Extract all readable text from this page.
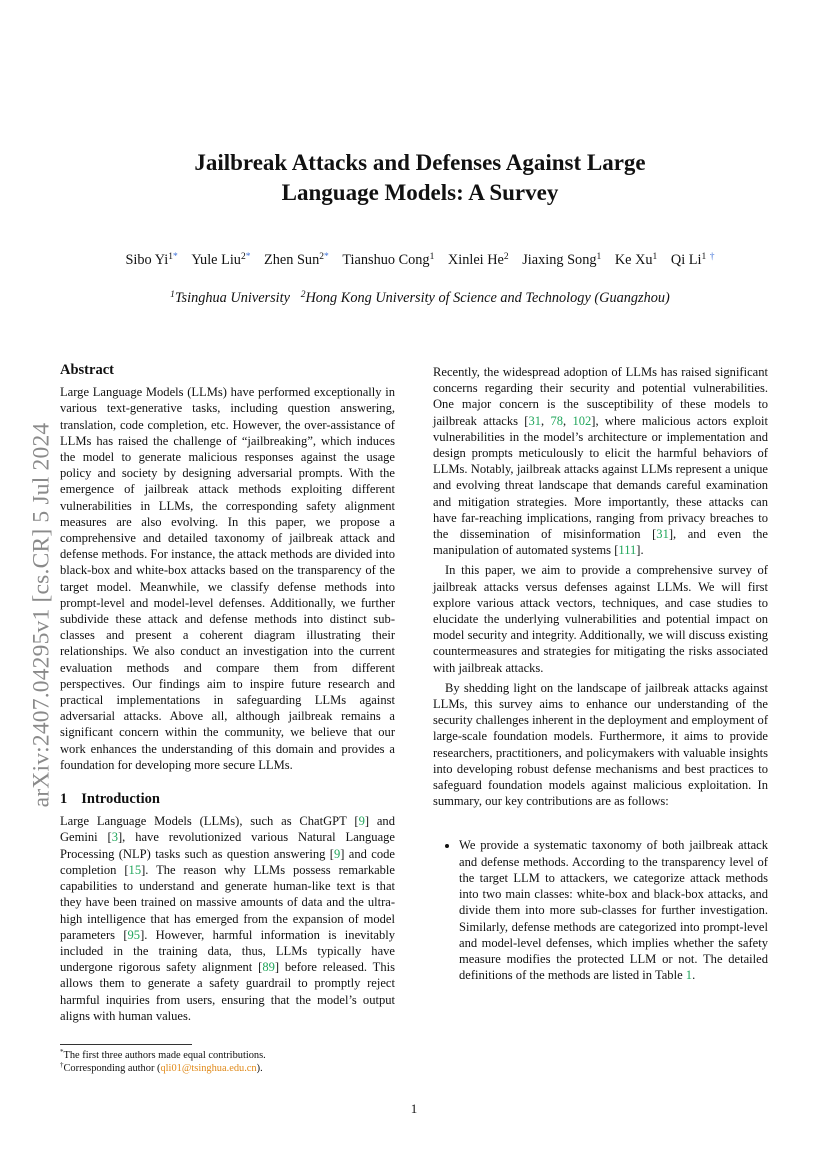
arXiv:2407.04295v1 [cs.CR] 5 Jul 2024
Jailbreak Attacks and Defenses Against Large
Language Models: A Survey
Sibo $Yi^{1*}$ Yule Liu$^{2*}$ Zhen Sun$^{2*}$ Tianshuo Cong$^1$ Xinlei He$^2$ Jiaxing Song$^1$ Ke Xu$^1$ Qi Li$^1$ †
$^1$Tsinghua University $^2$Hong Kong University of Science and Technology (Guangzhou)
Abstract

Large Language Models (LLMs) have performed exceptionally in various text-generative tasks, including question answering, translation, code completion, etc. However, the over-assistance of LLMs has raised the challenge of “jailbreaking”, which induces the model to generate malicious responses against the usage policy and society by designing adversarial prompts. With the emergence of jailbreak attack methods exploiting different vulnerabilities in LLMs, the corresponding safety alignment measures are also evolving. In this paper, we propose a comprehensive and detailed taxonomy of jailbreak attack and defense methods. For instance, the attack methods are divided into black-box and white-box attacks based on the transparency of the target model. Meanwhile, we classify defense methods into prompt-level and model-level defenses. Additionally, we further subdivide these attack and defense methods into distinct sub-classes and present a coherent diagram illustrating their relationships. We also conduct an investigation into the current evaluation methods and compare them from different perspectives. Our findings aim to inspire future research and practical implementations in safeguarding LLMs against adversarial attacks. Above all, although jailbreak remains a significant concern within the community, we believe that our work enhances the understanding of this domain and provides a foundation for developing more secure LLMs.

1 Introduction

Large Language Models (LLMs), such as ChatGPT [9] and Gemini [3], have revolutionized various Natural Language Processing (NLP) tasks such as question answering [9] and code completion [15]. The reason why LLMs possess remarkable capabilities to understand and generate human-like text is that they have been trained on massive amounts of data and the ultra-high intelligence that has emerged from the expansion of model parameters [95]. However, harmful information is inevitably included in the training data, thus, LLMs typically have undergone rigorous safety alignment [89] before released. This allows them to generate a safety guardrail to promptly reject harmful inquiries from users, ensuring that the model’s output aligns with human values.

*The first three authors made equal contributions.
†Corresponding author (qli01@tsinghua.edu.cn).

Recently, the widespread adoption of LLMs has raised significant concerns regarding their security and potential vulnerabilities. One major concern is the susceptibility of these models to jailbreak attacks [31, 78, 102], where malicious actors exploit vulnerabilities in the model’s architecture or implementation and design prompts meticulously to elicit the harmful behaviors of LLMs. Notably, jailbreak attacks against LLMs represent a unique and evolving threat landscape that demands careful examination and mitigation strategies. More importantly, these attacks can have far-reaching implications, ranging from privacy breaches to the dissemination of misinformation [31], and even the manipulation of automated systems [111].

In this paper, we aim to provide a comprehensive survey of jailbreak attacks versus defenses against LLMs. We will first explore various attack vectors, techniques, and case studies to elucidate the underlying vulnerabilities and potential impact on model security and integrity. Additionally, we will discuss existing countermeasures and strategies for mitigating the risks associated with jailbreak attacks.

By shedding light on the landscape of jailbreak attacks against LLMs, this survey aims to enhance our understanding of the security challenges inherent in the deployment and employment of large-scale foundation models. Furthermore, it aims to provide researchers, practitioners, and policymakers with valuable insights into developing robust defense mechanisms and best practices to safeguard foundation models against malicious exploitation. In summary, our key contributions are as follows:

• We provide a systematic taxonomy of both jailbreak attack and defense methods. According to the transparency level of the target LLM to attackers, we categorize attack methods into two main classes: white-box and black-box attacks, and divide them into more sub-classes for further investigation. Similarly, defense methods are categorized into prompt-level and model-level defenses, which implies whether the safety measure modifies the protected LLM or not. The detailed definitions of the methods are listed in Table 1.
1
